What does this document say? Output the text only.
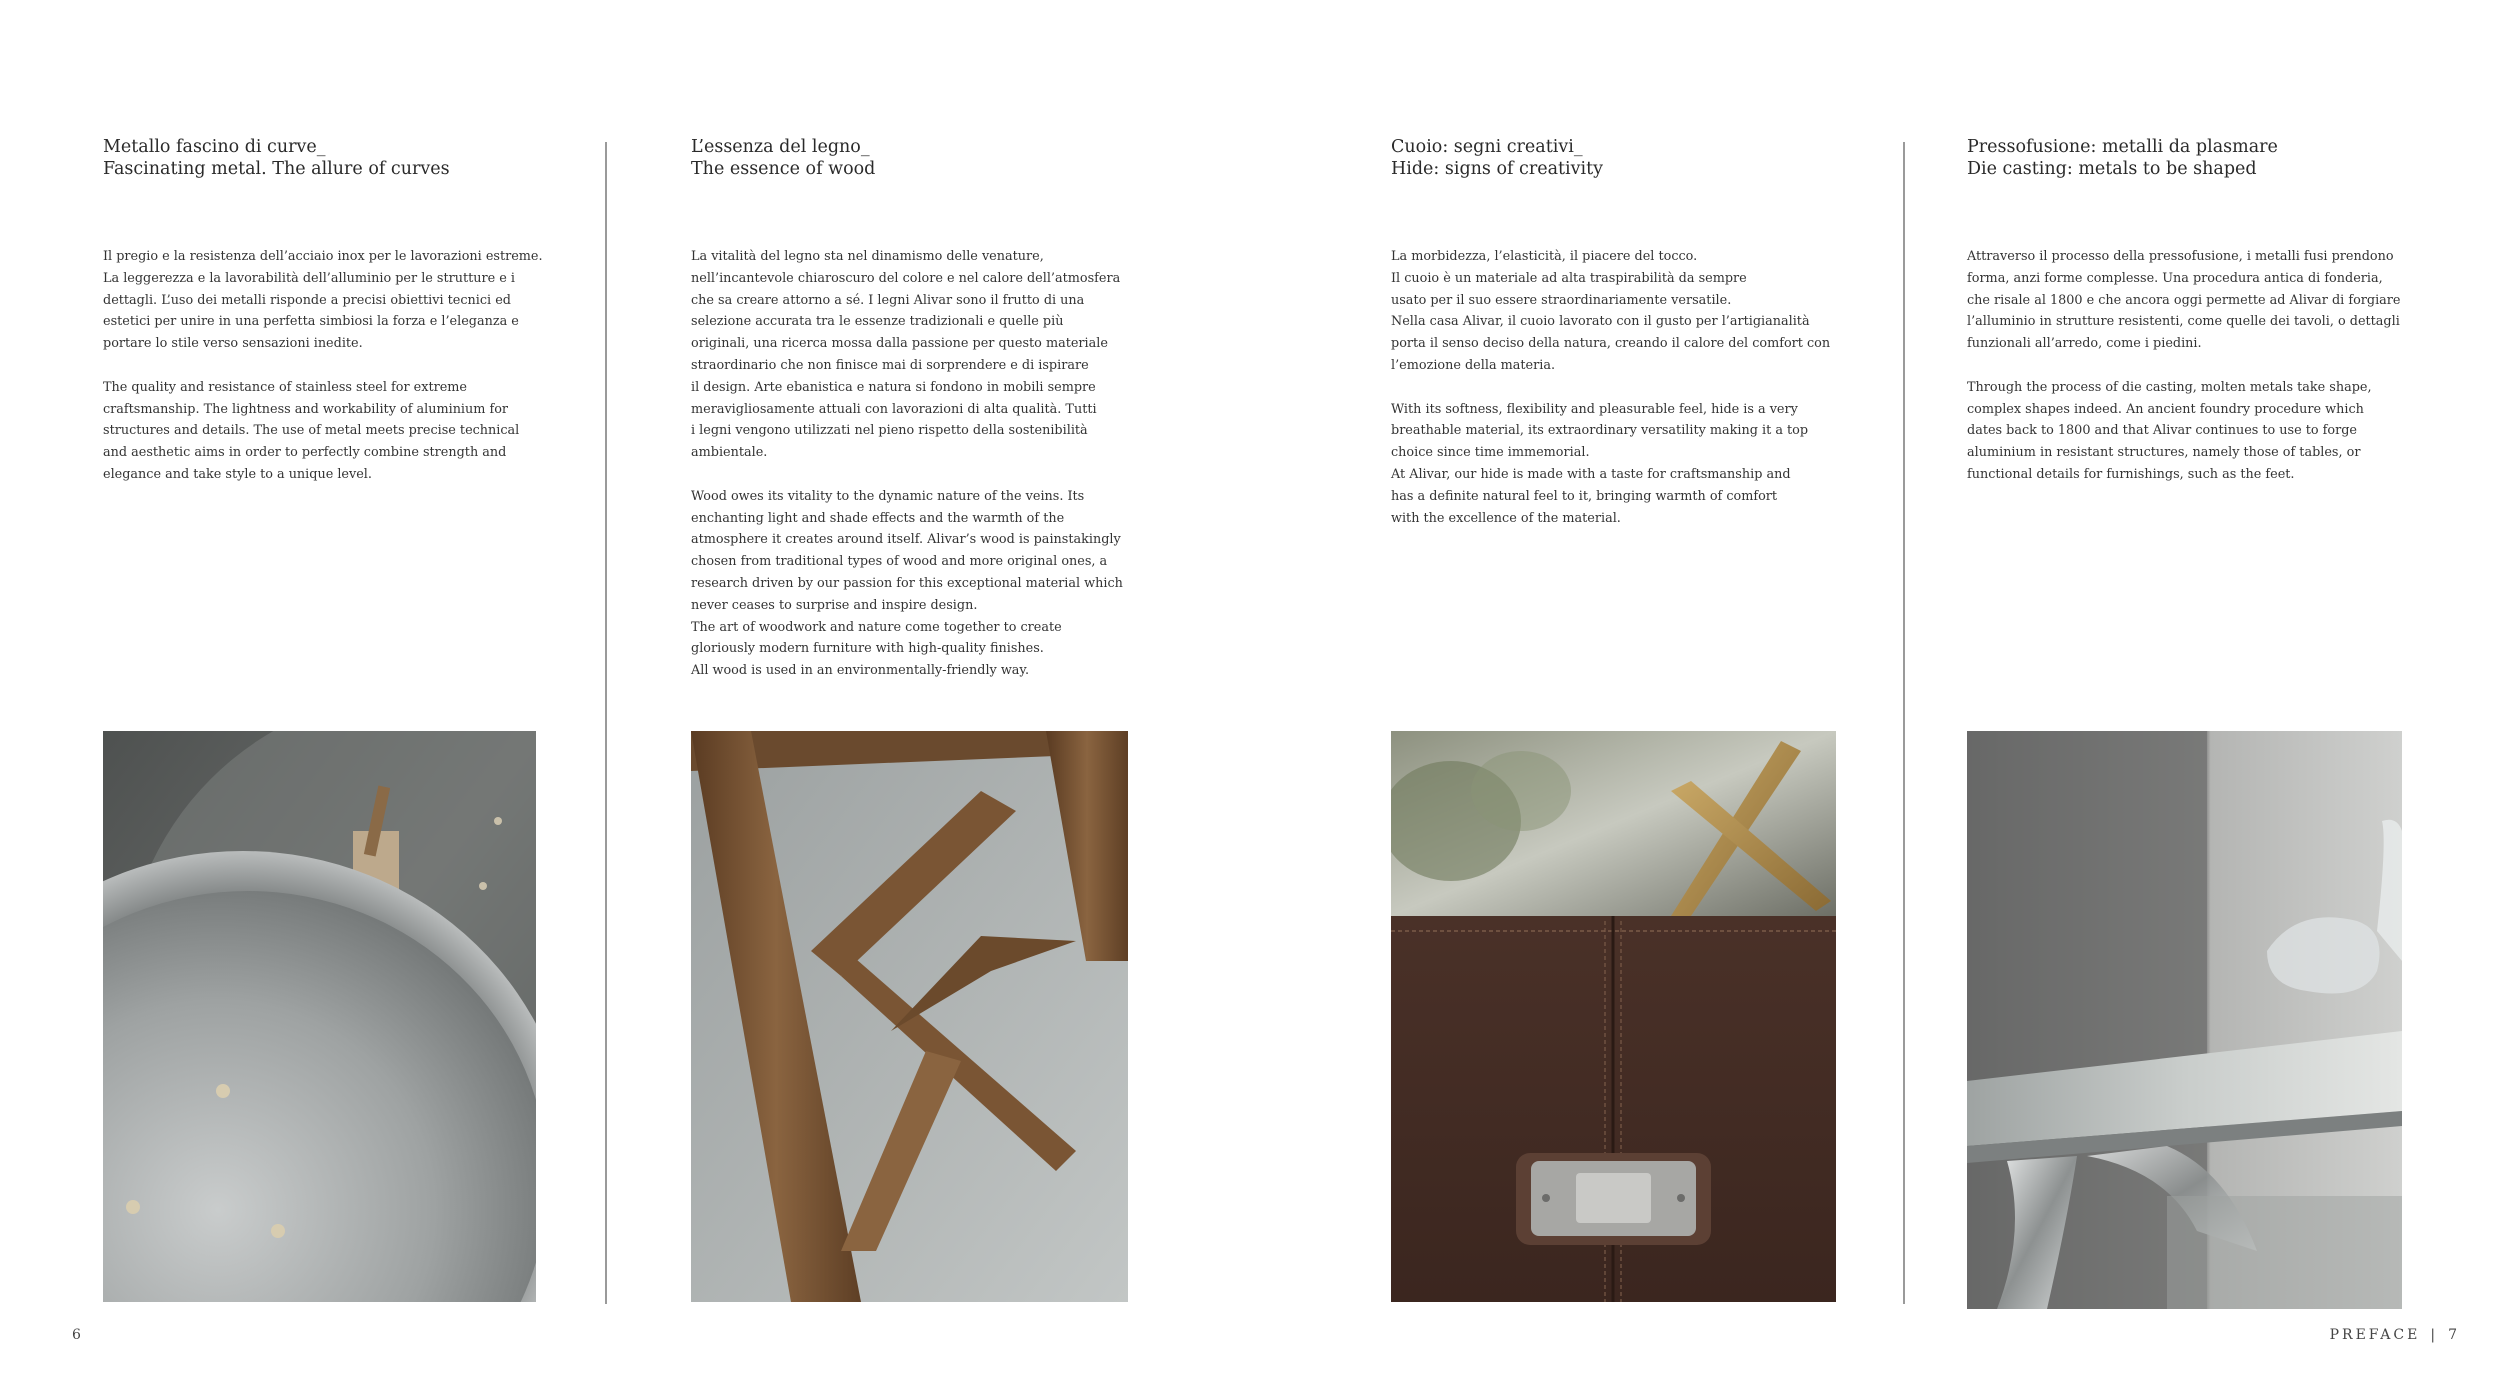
Metallo fascino di curve_
Fascinating metal. The allure of curves

Il pregio e la resistenza dell’acciaio inox per le lavorazioni estreme.
La leggerezza e la lavorabilità dell’alluminio per le strutture e i
dettagli. L’uso dei metalli risponde a precisi obiettivi tecnici ed
estetici per unire in una perfetta simbiosi la forza e l’eleganza e
portare lo stile verso sensazioni inedite.

The quality and resistance of stainless steel for extreme
craftsmanship. The lightness and workability of aluminium for
structures and details. The use of metal meets precise technical
and aesthetic aims in order to perfectly combine strength and
elegance and take style to a unique level.

L’essenza del legno_
The essence of wood

La vitalità del legno sta nel dinamismo delle venature,
nell’incantevole chiaroscuro del colore e nel calore dell’atmosfera
che sa creare attorno a sé. I legni Alivar sono il frutto di una
selezione accurata tra le essenze tradizionali e quelle più
originali, una ricerca mossa dalla passione per questo materiale
straordinario che non finisce mai di sorprendere e di ispirare
il design. Arte ebanistica e natura si fondono in mobili sempre
meravigliosamente attuali con lavorazioni di alta qualità. Tutti
i legni vengono utilizzati nel pieno rispetto della sostenibilità
ambientale.

Wood owes its vitality to the dynamic nature of the veins. Its
enchanting light and shade effects and the warmth of the
atmosphere it creates around itself. Alivar’s wood is painstakingly
chosen from traditional types of wood and more original ones, a
research driven by our passion for this exceptional material which
never ceases to surprise and inspire design.
The art of woodwork and nature come together to create
gloriously modern furniture with high-quality finishes.
All wood is used in an environmentally-friendly way.

Cuoio: segni creativi_
Hide: signs of creativity

La morbidezza, l’elasticità, il piacere del tocco.
Il cuoio è un materiale ad alta traspirabilità da sempre
usato per il suo essere straordinariamente versatile.
Nella casa Alivar, il cuoio lavorato con il gusto per l’artigianalità
porta il senso deciso della natura, creando il calore del comfort con
l’emozione della materia.

With its softness, flexibility and pleasurable feel, hide is a very
breathable material, its extraordinary versatility making it a top
choice since time immemorial.
At Alivar, our hide is made with a taste for craftsmanship and
has a definite natural feel to it, bringing warmth of comfort
with the excellence of the material.

Pressofusione: metalli da plasmare
Die casting: metals to be shaped

Attraverso il processo della pressofusione, i metalli fusi prendono
forma, anzi forme complesse. Una procedura antica di fonderia,
che risale al 1800 e che ancora oggi permette ad Alivar di forgiare
l’alluminio in strutture resistenti, come quelle dei tavoli, o dettagli
funzionali all’arredo, come i piedini.

Through the process of die casting, molten metals take shape,
complex shapes indeed. An ancient foundry procedure which
dates back to 1800 and that Alivar continues to use to forge
aluminium in resistant structures, namely those of tables, or
functional details for furnishings, such as the feet.

6	PREFACE | 7
